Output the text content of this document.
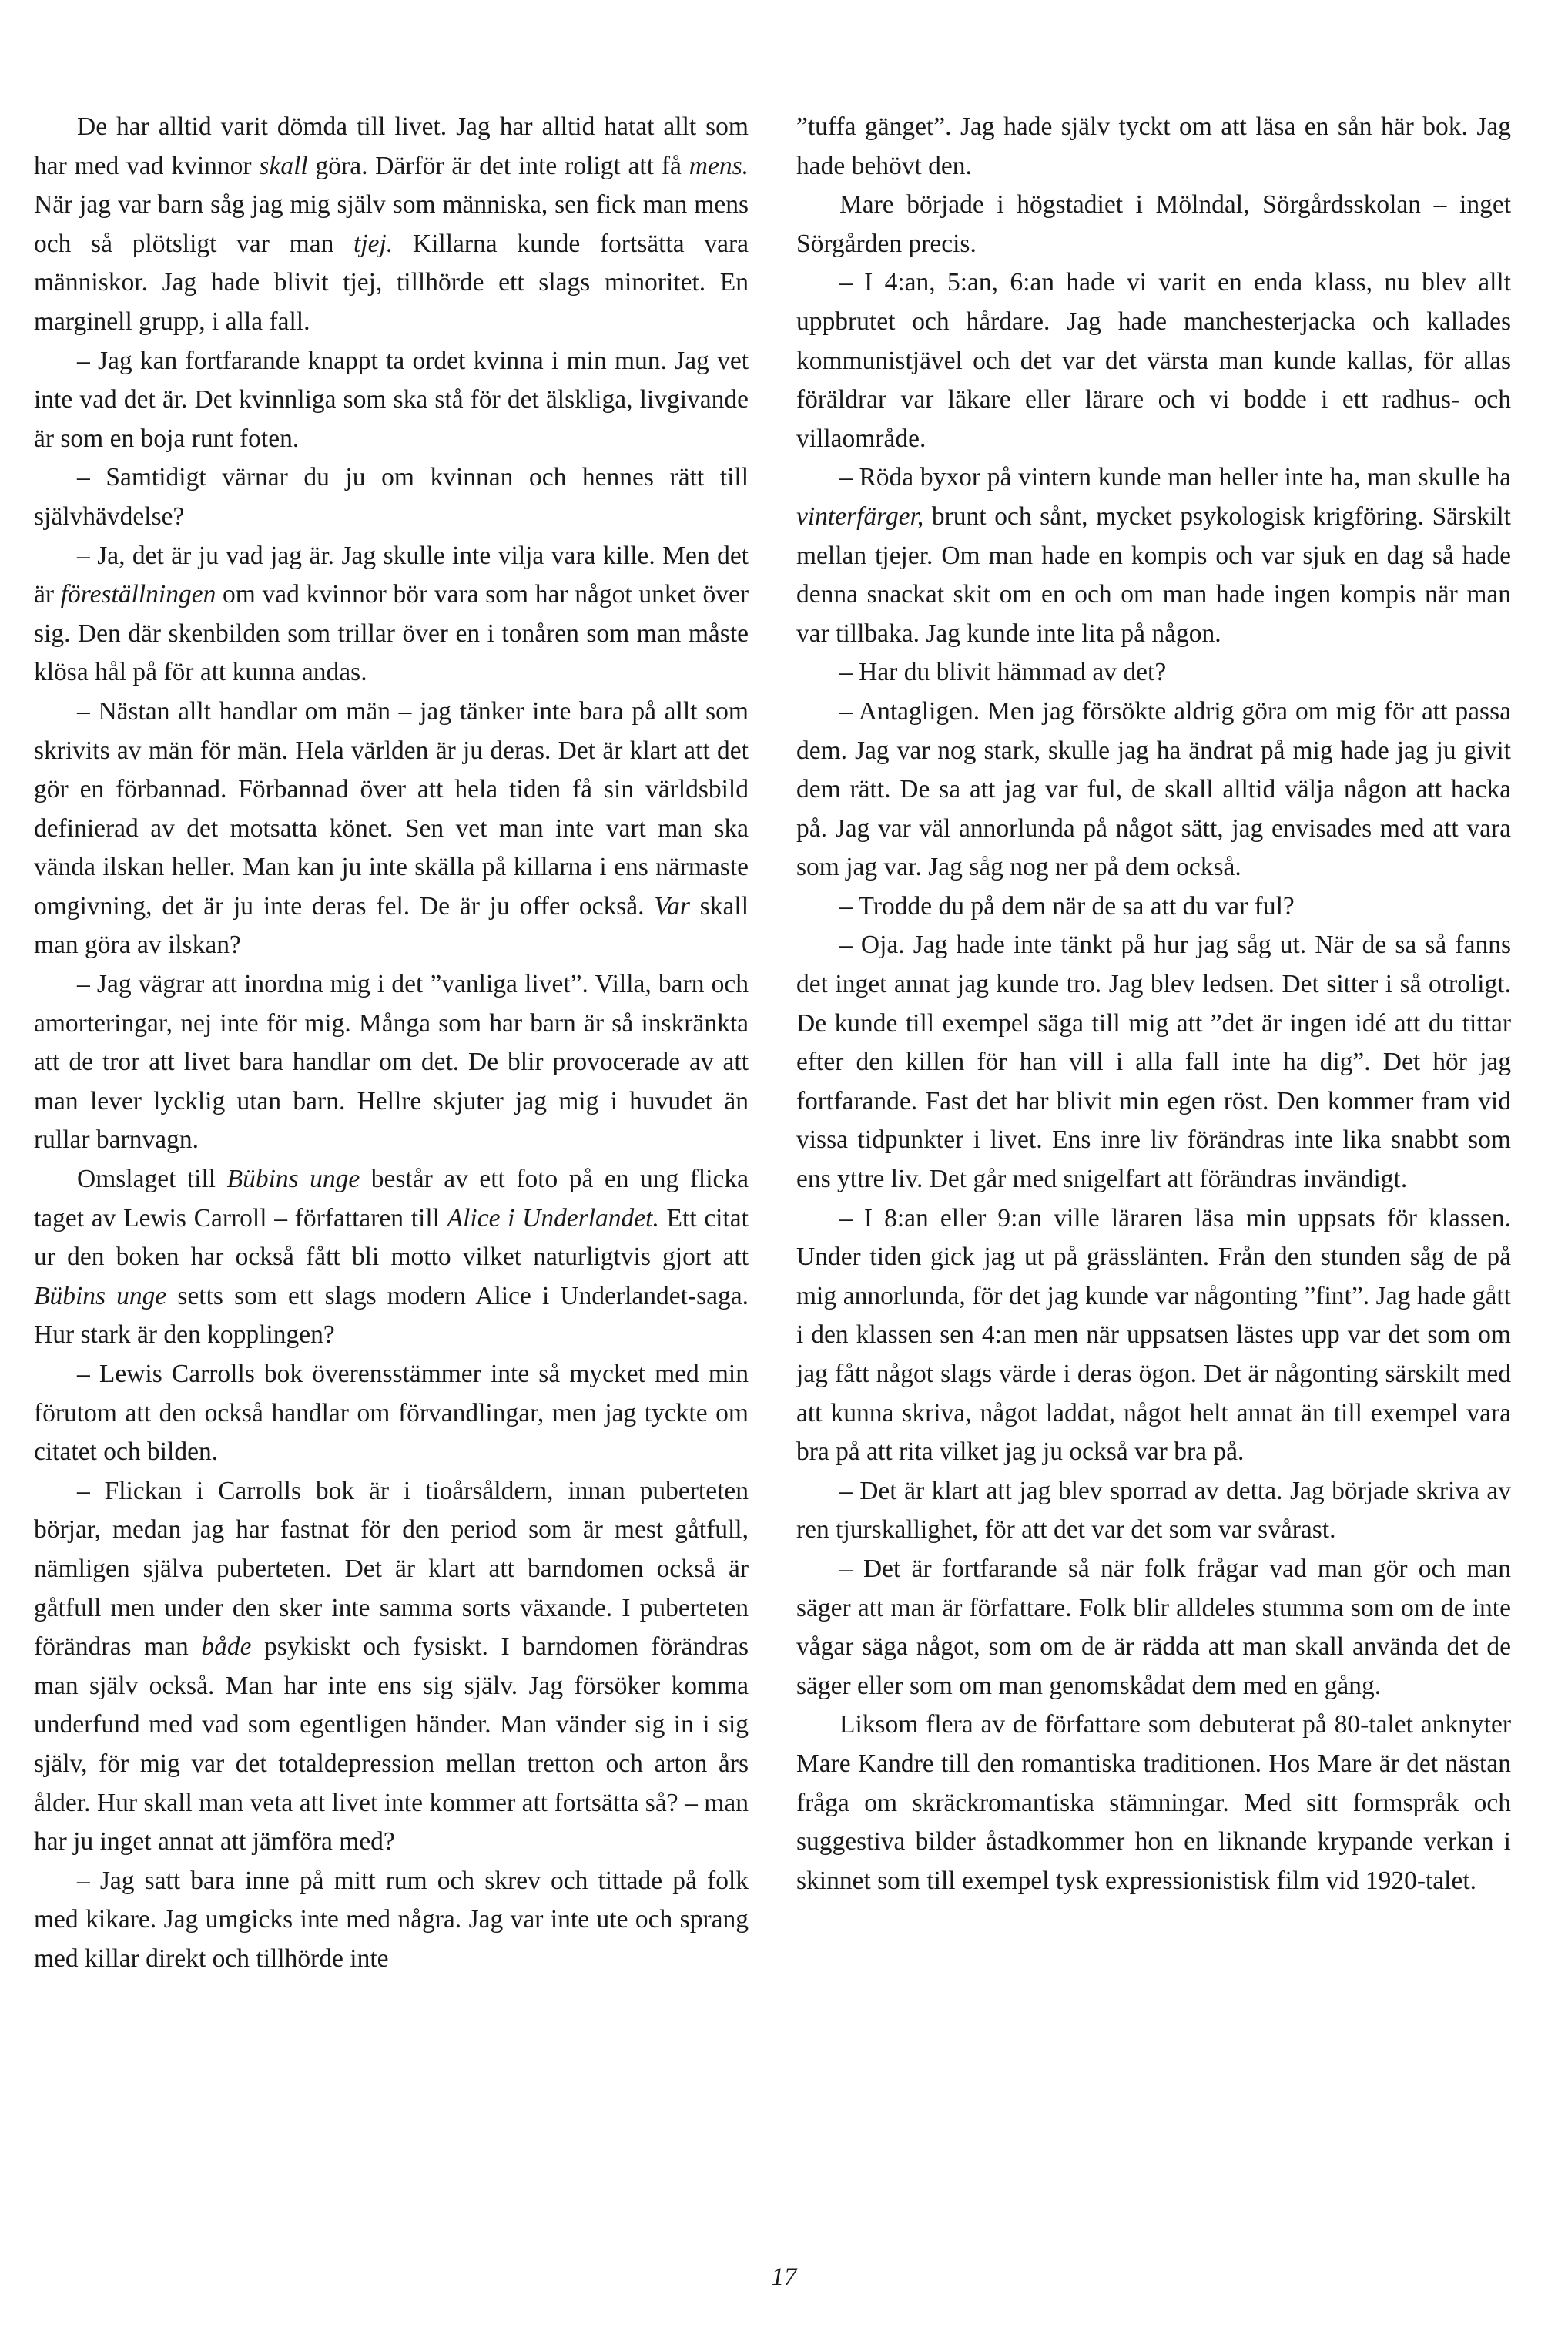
De har alltid varit dömda till livet. Jag har alltid hatat allt som har med vad kvinnor skall göra. Därför är det inte roligt att få mens. När jag var barn såg jag mig själv som människa, sen fick man mens och så plötsligt var man tjej. Killarna kunde fortsätta vara människor. Jag hade blivit tjej, tillhörde ett slags minoritet. En marginell grupp, i alla fall.

– Jag kan fortfarande knappt ta ordet kvinna i min mun. Jag vet inte vad det är. Det kvinnliga som ska stå för det älskliga, livgivande är som en boja runt foten.

– Samtidigt värnar du ju om kvinnan och hennes rätt till självhävdelse?

– Ja, det är ju vad jag är. Jag skulle inte vilja vara kille. Men det är föreställningen om vad kvinnor bör vara som har något unket över sig. Den där skenbilden som trillar över en i tonåren som man måste klösa hål på för att kunna andas.

– Nästan allt handlar om män – jag tänker inte bara på allt som skrivits av män för män. Hela världen är ju deras. Det är klart att det gör en förbannad. Förbannad över att hela tiden få sin världsbild definierad av det motsatta könet. Sen vet man inte vart man ska vända ilskan heller. Man kan ju inte skälla på killarna i ens närmaste omgivning, det är ju inte deras fel. De är ju offer också. Var skall man göra av ilskan?

– Jag vägrar att inordna mig i det ”vanliga livet”. Villa, barn och amorteringar, nej inte för mig. Många som har barn är så inskränkta att de tror att livet bara handlar om det. De blir provocerade av att man lever lycklig utan barn. Hellre skjuter jag mig i huvudet än rullar barnvagn.

Omslaget till Bübins unge består av ett foto på en ung flicka taget av Lewis Carroll – författaren till Alice i Underlandet. Ett citat ur den boken har också fått bli motto vilket naturligtvis gjort att Bübins unge setts som ett slags modern Alice i Underlandet-saga. Hur stark är den kopplingen?

– Lewis Carrolls bok överensstämmer inte så mycket med min förutom att den också handlar om förvandlingar, men jag tyckte om citatet och bilden.

– Flickan i Carrolls bok är i tioårsåldern, innan puberteten börjar, medan jag har fastnat för den period som är mest gåtfull, nämligen själva puberteten. Det är klart att barndomen också är gåtfull men under den sker inte samma sorts växande. I puberteten förändras man både psykiskt och fysiskt. I barndomen förändras man själv också. Man har inte ens sig själv. Jag försöker komma underfund med vad som egentligen händer. Man vänder sig in i sig själv, för mig var det totaldepression mellan tretton och arton års ålder. Hur skall man veta att livet inte kommer att fortsätta så? – man har ju inget annat att jämföra med?

– Jag satt bara inne på mitt rum och skrev och tittade på folk med kikare. Jag umgicks inte med några. Jag var inte ute och sprang med killar direkt och tillhörde inte

”tuffa gänget”. Jag hade själv tyckt om att läsa en sån här bok. Jag hade behövt den.

Mare började i högstadiet i Mölndal, Sörgårdsskolan – inget Sörgården precis.

– I 4:an, 5:an, 6:an hade vi varit en enda klass, nu blev allt uppbrutet och hårdare. Jag hade manchesterjacka och kallades kommunistjävel och det var det värsta man kunde kallas, för allas föräldrar var läkare eller lärare och vi bodde i ett radhus- och villaområde.

– Röda byxor på vintern kunde man heller inte ha, man skulle ha vinterfärger, brunt och sånt, mycket psykologisk krigföring. Särskilt mellan tjejer. Om man hade en kompis och var sjuk en dag så hade denna snackat skit om en och om man hade ingen kompis när man var tillbaka. Jag kunde inte lita på någon.

– Har du blivit hämmad av det?

– Antagligen. Men jag försökte aldrig göra om mig för att passa dem. Jag var nog stark, skulle jag ha ändrat på mig hade jag ju givit dem rätt. De sa att jag var ful, de skall alltid välja någon att hacka på. Jag var väl annorlunda på något sätt, jag envisades med att vara som jag var. Jag såg nog ner på dem också.

– Trodde du på dem när de sa att du var ful?

– Oja. Jag hade inte tänkt på hur jag såg ut. När de sa så fanns det inget annat jag kunde tro. Jag blev ledsen. Det sitter i så otroligt. De kunde till exempel säga till mig att ”det är ingen idé att du tittar efter den killen för han vill i alla fall inte ha dig”. Det hör jag fortfarande. Fast det har blivit min egen röst. Den kommer fram vid vissa tidpunkter i livet. Ens inre liv förändras inte lika snabbt som ens yttre liv. Det går med snigelfart att förändras invändigt.

– I 8:an eller 9:an ville läraren läsa min uppsats för klassen. Under tiden gick jag ut på grässlänten. Från den stunden såg de på mig annorlunda, för det jag kunde var någonting ”fint”. Jag hade gått i den klassen sen 4:an men när uppsatsen lästes upp var det som om jag fått något slags värde i deras ögon. Det är någonting särskilt med att kunna skriva, något laddat, något helt annat än till exempel vara bra på att rita vilket jag ju också var bra på.

– Det är klart att jag blev sporrad av detta. Jag började skriva av ren tjurskallighet, för att det var det som var svårast.

– Det är fortfarande så när folk frågar vad man gör och man säger att man är författare. Folk blir alldeles stumma som om de inte vågar säga något, som om de är rädda att man skall använda det de säger eller som om man genomskådat dem med en gång.

Liksom flera av de författare som debuterat på 80-talet anknyter Mare Kandre till den romantiska traditionen. Hos Mare är det nästan fråga om skräckromantiska stämningar. Med sitt formspråk och suggestiva bilder åstadkommer hon en liknande krypande verkan i skinnet som till exempel tysk expressionistisk film vid 1920-talet.

17
